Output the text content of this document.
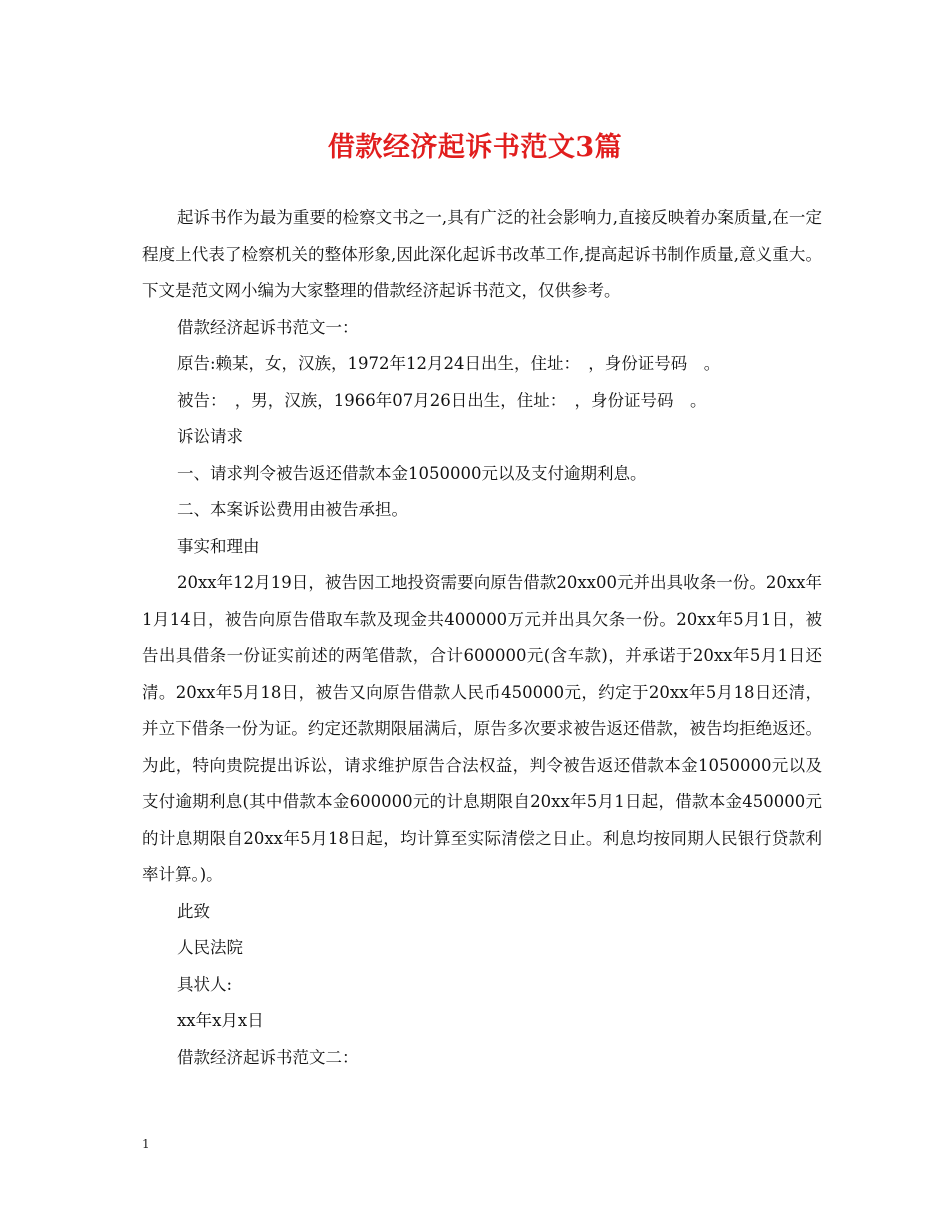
借款经济起诉书范文3篇

起诉书作为最为重要的检察文书之一,具有广泛的社会影响力,直接反映着办案质量,在一定程度上代表了检察机关的整体形象,因此深化起诉书改革工作,提高起诉书制作质量,意义重大。下文是范文网小编为大家整理的借款经济起诉书范文，仅供参考。

借款经济起诉书范文一：

原告:赖某，女，汉族，1972年12月24日出生，住址：　，身份证号码　。

被告：　，男，汉族，1966年07月26日出生，住址：　，身份证号码　。

诉讼请求

一、请求判令被告返还借款本金1050000元以及支付逾期利息。

二、本案诉讼费用由被告承担。

事实和理由

20xx年12月19日，被告因工地投资需要向原告借款20xx00元并出具收条一份。20xx年1月14日，被告向原告借取车款及现金共400000万元并出具欠条一份。20xx年5月1日，被告出具借条一份证实前述的两笔借款，合计600000元(含车款)，并承诺于20xx年5月1日还清。20xx年5月18日，被告又向原告借款人民币450000元，约定于20xx年5月18日还清，并立下借条一份为证。约定还款期限届满后，原告多次要求被告返还借款，被告均拒绝返还。 为此，特向贵院提出诉讼，请求维护原告合法权益，判令被告返还借款本金1050000元以及支付逾期利息(其中借款本金600000元的计息期限自20xx年5月1日起，借款本金450000元的计息期限自20xx年5月18日起，均计算至实际清偿之日止。利息均按同期人民银行贷款利率计算。)。

此致

人民法院

具状人:

xx年x月x日

借款经济起诉书范文二：

1
